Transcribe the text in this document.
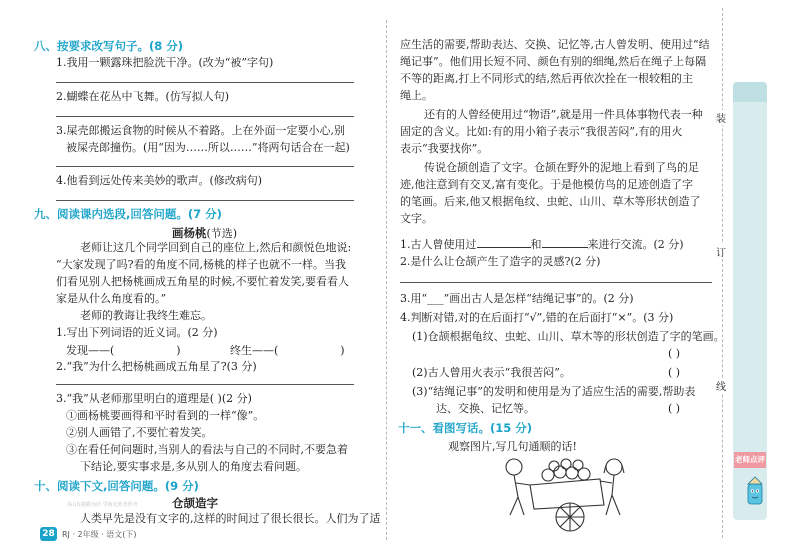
八、按要求改写句子。(8 分)
1.我用一颗露珠把脸洗干净。(改为“被”字句)
2.蝴蝶在花丛中飞舞。(仿写拟人句)
3.屎壳郎搬运食物的时候从不着路。上在外面一定要小心,别
被屎壳郎撞伤。(用“因为……所以……”将两句话合在一起)
4.他看到远处传来美妙的歌声。(修改病句)
九、阅读课内选段,回答问题。(7 分)
画杨桃(节选)
老师让这几个同学回到自己的座位上,然后和颜悦色地说:
“大家发现了吗?看的角度不同,杨桃的样子也就不一样。当我
们看见别人把杨桃画成五角星的时候,不要忙着发笑,要看看人
家是从什么角度看的。”
老师的教诲让我终生难忘。
1.写出下列词语的近义词。(2 分)
发现——(	)	终生——(	)
2.“我”为什么把杨桃画成五角星了?(3 分)
3.“我”从老师那里明白的道理是( )(2 分)
①画杨桃要画得和平时看到的一样“像”。
②别人画错了,不要忙着发笑。
③在看任何问题时,当别人的看法与自己的不同时,不要急着
下结论,要实事求是,多从别人的角度去看问题。
十、阅读下文,回答问题。(9 分)
仓颉造字
书山有路勤为径 学海无涯苦作舟
人类早先是没有文字的,这样的时间过了很长很长。人们为了适
28 RJ · 2年级 · 语文(下)
应生活的需要,帮助表达、交换、记忆等,古人曾发明、使用过“结
绳记事”。他们用长短不同、颜色有别的细绳,然后在绳子上每隔
不等的距离,打上不同形式的结,然后再依次拴在一根较粗的主
绳上。
还有的人曾经使用过“物语”,就是用一件具体事物代表一种
固定的含义。比如:有的用小箱子表示“我很苦闷”,有的用火
表示“我要找你”。
传说仓颉创造了文字。仓颉在野外的泥地上看到了鸟的足
迹,他注意到有交叉,富有变化。于是他模仿鸟的足迹创造了字
的笔画。后来,他又根据龟纹、虫蛇、山川、草木等形状创造了
文字。
1.古人曾使用过	和	来进行交流。(2 分)
2.是什么让仓颉产生了造字的灵感?(2 分)
3.用“___”画出古人是怎样“结绳记事”的。(2 分)
4.判断对错,对的在后面打“√”,错的在后面打“×”。(3 分)
(1)仓颉根据龟纹、虫蛇、山川、草木等的形状创造了字的笔画。
( )
(2)古人曾用火表示“我很苦闷”。	( )
(3)“结绳记事”的发明和使用是为了适应生活的需要,帮助表
达、交换、记忆等。	( )
十一、看图写话。(15 分)
观察图片,写几句通顺的话!
装
订
线
老师点评
